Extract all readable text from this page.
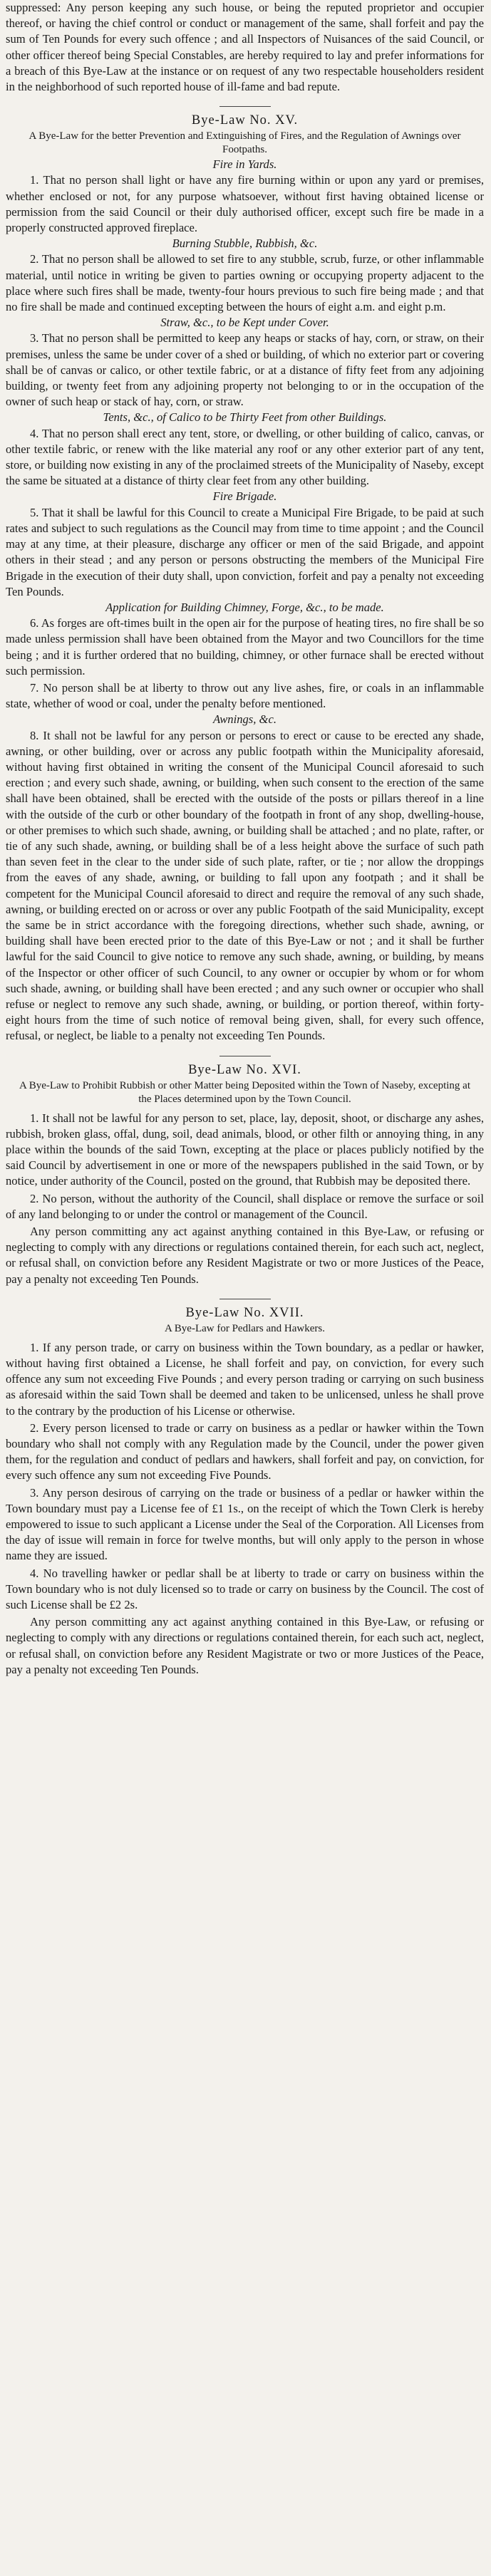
suppressed: Any person keeping any such house, or being the reputed proprietor and occupier thereof, or having the chief control or conduct or management of the same, shall forfeit and pay the sum of Ten Pounds for every such offence ; and all Inspectors of Nuisances of the said Council, or other officer thereof being Special Constables, are hereby required to lay and prefer informations for a breach of this Bye-Law at the instance or on request of any two respectable householders resident in the neighborhood of such reported house of ill-fame and bad repute.

Bye-Law No. XV.
A Bye-Law for the better Prevention and Extinguishing of Fires, and the Regulation of Awnings over Footpaths.
Fire in Yards.

1. That no person shall light or have any fire burning within or upon any yard or premises, whether enclosed or not, for any purpose whatsoever, without first having obtained license or permission from the said Council or their duly authorised officer, except such fire be made in a properly constructed approved fireplace.

Burning Stubble, Rubbish, &c.

2. That no person shall be allowed to set fire to any stubble, scrub, furze, or other inflammable material, until notice in writing be given to parties owning or occupying property adjacent to the place where such fires shall be made, twenty-four hours previous to such fire being made ; and that no fire shall be made and continued excepting between the hours of eight a.m. and eight p.m.

Straw, &c., to be Kept under Cover.

3. That no person shall be permitted to keep any heaps or stacks of hay, corn, or straw, on their premises, unless the same be under cover of a shed or building, of which no exterior part or covering shall be of canvas or calico, or other textile fabric, or at a distance of fifty feet from any adjoining building, or twenty feet from any adjoining property not belonging to or in the occupation of the owner of such heap or stack of hay, corn, or straw.

Tents, &c., of Calico to be Thirty Feet from other Buildings.

4. That no person shall erect any tent, store, or dwelling, or other building of calico, canvas, or other textile fabric, or renew with the like material any roof or any other exterior part of any tent, store, or building now existing in any of the proclaimed streets of the Municipality of Naseby, except the same be situated at a distance of thirty clear feet from any other building.

Fire Brigade.

5. That it shall be lawful for this Council to create a Municipal Fire Brigade, to be paid at such rates and subject to such regulations as the Council may from time to time appoint ; and the Council may at any time, at their pleasure, discharge any officer or men of the said Brigade, and appoint others in their stead ; and any person or persons obstructing the members of the Municipal Fire Brigade in the execution of their duty shall, upon conviction, forfeit and pay a penalty not exceeding Ten Pounds.

Application for Building Chimney, Forge, &c., to be made.

6. As forges are oft-times built in the open air for the purpose of heating tires, no fire shall be so made unless permission shall have been obtained from the Mayor and two Councillors for the time being ; and it is further ordered that no building, chimney, or other furnace shall be erected without such permission.

7. No person shall be at liberty to throw out any live ashes, fire, or coals in an inflammable state, whether of wood or coal, under the penalty before mentioned.

Awnings, &c.

8. It shall not be lawful for any person or persons to erect or cause to be erected any shade, awning, or other building, over or across any public footpath within the Municipality aforesaid, without having first obtained in writing the consent of the Municipal Council aforesaid to such erection ; and every such shade, awning, or building, when such consent to the erection of the same shall have been obtained, shall be erected with the outside of the posts or pillars thereof in a line with the outside of the curb or other boundary of the footpath in front of any shop, dwelling-house, or other premises to which such shade, awning, or building shall be attached ; and no plate, rafter, or tie of any such shade, awning, or building shall be of a less height above the surface of such path than seven feet in the clear to the under side of such plate, rafter, or tie ; nor allow the droppings from the eaves of any shade, awning, or building to fall upon any footpath ; and it shall be competent for the Municipal Council aforesaid to direct and require the removal of any such shade, awning, or building erected on or across or over any public Footpath of the said Municipality, except the same be in strict accordance with the foregoing directions, whether such shade, awning, or building shall have been erected prior to the date of this Bye-Law or not ; and it shall be further lawful for the said Council to give notice to remove any such shade, awning, or building, by means of the Inspector or other officer of such Council, to any owner or occupier by whom or for whom such shade, awning, or building shall have been erected ; and any such owner or occupier who shall refuse or neglect to remove any such shade, awning, or building, or portion thereof, within forty-eight hours from the time of such notice of removal being given, shall, for every such offence, refusal, or neglect, be liable to a penalty not exceeding Ten Pounds.

Bye-Law No. XVI.
A Bye-Law to Prohibit Rubbish or other Matter being Deposited within the Town of Naseby, excepting at the Places determined upon by the Town Council.

1. It shall not be lawful for any person to set, place, lay, deposit, shoot, or discharge any ashes, rubbish, broken glass, offal, dung, soil, dead animals, blood, or other filth or annoying thing, in any place within the bounds of the said Town, excepting at the place or places publicly notified by the said Council by advertisement in one or more of the newspapers published in the said Town, or by notice, under authority of the Council, posted on the ground, that Rubbish may be deposited there.

2. No person, without the authority of the Council, shall displace or remove the surface or soil of any land belonging to or under the control or management of the Council.

Any person committing any act against anything contained in this Bye-Law, or refusing or neglecting to comply with any directions or regulations contained therein, for each such act, neglect, or refusal shall, on conviction before any Resident Magistrate or two or more Justices of the Peace, pay a penalty not exceeding Ten Pounds.

Bye-Law No. XVII.
A Bye-Law for Pedlars and Hawkers.

1. If any person trade, or carry on business within the Town boundary, as a pedlar or hawker, without having first obtained a License, he shall forfeit and pay, on conviction, for every such offence any sum not exceeding Five Pounds ; and every person trading or carrying on such business as aforesaid within the said Town shall be deemed and taken to be unlicensed, unless he shall prove to the contrary by the production of his License or otherwise.

2. Every person licensed to trade or carry on business as a pedlar or hawker within the Town boundary who shall not comply with any Regulation made by the Council, under the power given them, for the regulation and conduct of pedlars and hawkers, shall forfeit and pay, on conviction, for every such offence any sum not exceeding Five Pounds.

3. Any person desirous of carrying on the trade or business of a pedlar or hawker within the Town boundary must pay a License fee of £1 1s., on the receipt of which the Town Clerk is hereby empowered to issue to such applicant a License under the Seal of the Corporation. All Licenses from the day of issue will remain in force for twelve months, but will only apply to the person in whose name they are issued.

4. No travelling hawker or pedlar shall be at liberty to trade or carry on business within the Town boundary who is not duly licensed so to trade or carry on business by the Council. The cost of such License shall be £2 2s.

Any person committing any act against anything contained in this Bye-Law, or refusing or neglecting to comply with any directions or regulations contained therein, for each such act, neglect, or refusal shall, on conviction before any Resident Magistrate or two or more Justices of the Peace, pay a penalty not exceeding Ten Pounds.
